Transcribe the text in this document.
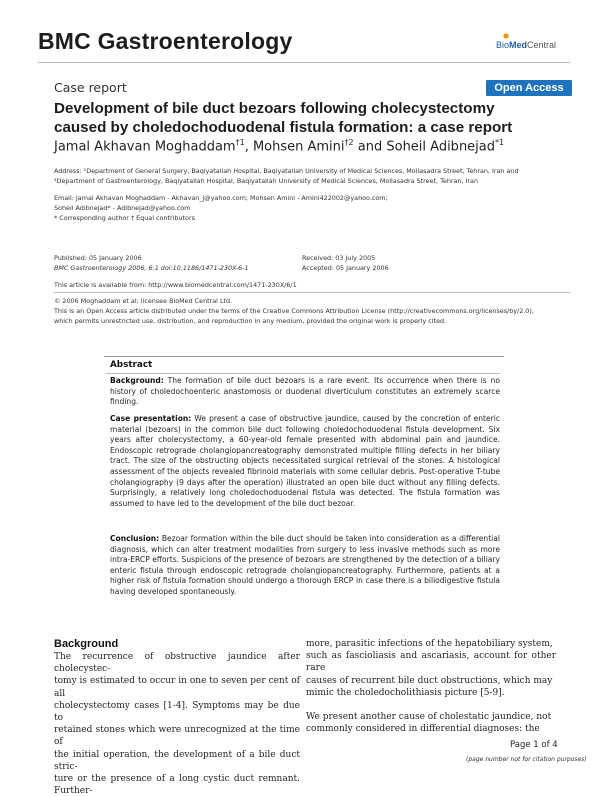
BMC Gastroenterology	BioMedCentral
Case report	Open Access
Development of bile duct bezoars following cholecystectomy
caused by choledochoduodenal fistula formation: a case report
Jamal Akhavan Moghaddam$^{\dagger 1}$, Mohsen Amini$^{\dagger 2}$ and Soheil Adibnejad$^{*1}$
Address: ¹Department of General Surgery, Baqiyatallah Hospital, Baqiyatallah University of Medical Sciences, Mollasadra Street, Tehran, Iran and
²Department of Gastroenterology, Baqiyatallah Hospital, Baqiyatallah University of Medical Sciences, Mollasadra Street, Tehran, Iran
Email: Jamal Akhavan Moghaddam - Akhavan_j@yahoo.com; Mohsen Amini - Amini422002@yahoo.com;
Soheil Adibnejad* - Adibnejad@yahoo.com
* Corresponding author † Equal contributors
Published: 05 January 2006
BMC Gastroenterology 2006, 6:1 doi:10.1186/1471-230X-6-1
Received: 03 July 2005
Accepted: 05 January 2006
This article is available from: http://www.biomedcentral.com/1471-230X/6/1
© 2006 Moghaddam et al; licensee BioMed Central Ltd.
This is an Open Access article distributed under the terms of the Creative Commons Attribution License (http://creativecommons.org/licenses/by/2.0),
which permits unrestricted use, distribution, and reproduction in any medium, provided the original work is properly cited.
Abstract
Background: The formation of bile duct bezoars is a rare event. Its occurrence when there is no history of choledochoenteric anastomosis or duodenal diverticulum constitutes an extremely scarce finding.
Case presentation: We present a case of obstructive jaundice, caused by the concretion of enteric material (bezoars) in the common bile duct following choledochoduodenal fistula development. Six years after cholecystectomy, a 60-year-old female presented with abdominal pain and jaundice. Endoscopic retrograde cholangiopancreatography demonstrated multiple filling defects in her biliary tract. The size of the obstructing objects necessitated surgical retrieval of the stones. A histological assessment of the objects revealed fibrinoid materials with some cellular debris. Post-operative T-tube cholangiography (9 days after the operation) illustrated an open bile duct without any filling defects. Surprisingly, a relatively long choledochoduodenal fistula was detected. The fistula formation was assumed to have led to the development of the bile duct bezoar.
Conclusion: Bezoar formation within the bile duct should be taken into consideration as a differential diagnosis, which can alter treatment modalities from surgery to less invasive methods such as more intra-ERCP efforts. Suspicions of the presence of bezoars are strengthened by the detection of a biliary enteric fistula through endoscopic retrograde cholangiopancreatography. Furthermore, patients at a higher risk of fistula formation should undergo a thorough ERCP in case there is a biliodigestive fistula having developed spontaneously.
Background
The recurrence of obstructive jaundice after cholecystec-
tomy is estimated to occur in one to seven per cent of all
cholecystectomy cases [1-4]. Symptoms may be due to
retained stones which were unrecognized at the time of
the initial operation, the development of a bile duct stric-
ture or the presence of a long cystic duct remnant. Further-
more, parasitic infections of the hepatobiliary system,
such as fascioliasis and ascariasis, account for other rare
causes of recurrent bile duct obstructions, which may
mimic the choledocholithiasis picture [5-9].
We present another cause of cholestatic jaundice, not
commonly considered in differential diagnoses: the
Page 1 of 4
(page number not for citation purposes)
